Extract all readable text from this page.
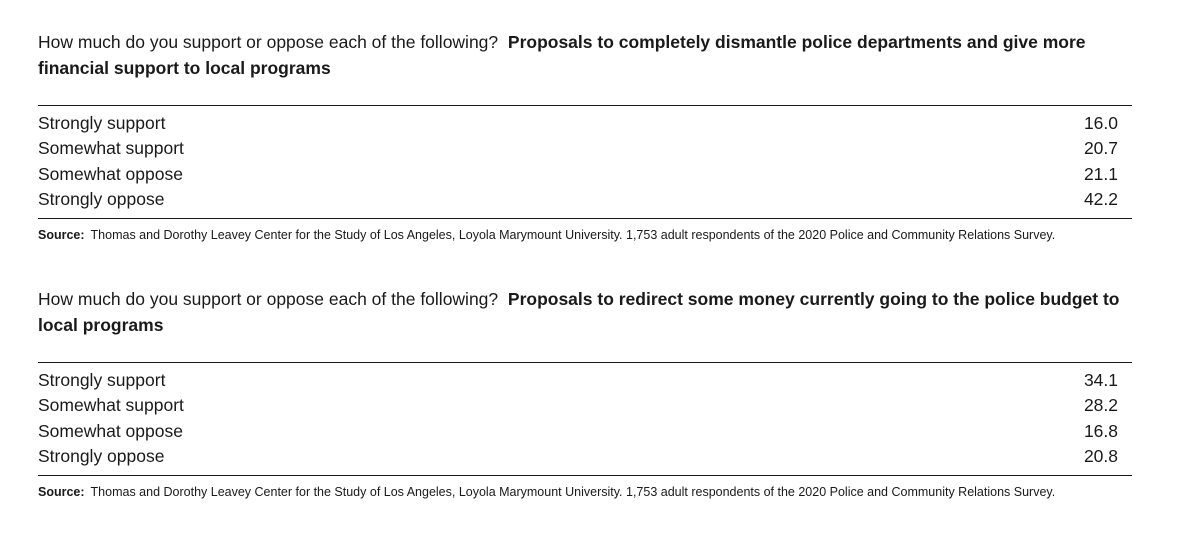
How much do you support or oppose each of the following? Proposals to completely dismantle police departments and give more financial support to local programs

Strongly support	16.0
Somewhat support	20.7
Somewhat oppose	21.1
Strongly oppose	42.2
Source: Thomas and Dorothy Leavey Center for the Study of Los Angeles, Loyola Marymount University. 1,753 adult respondents of the 2020 Police and Community Relations Survey.

How much do you support or oppose each of the following? Proposals to redirect some money currently going to the police budget to local programs

Strongly support	34.1
Somewhat support	28.2
Somewhat oppose	16.8
Strongly oppose	20.8
Source: Thomas and Dorothy Leavey Center for the Study of Los Angeles, Loyola Marymount University. 1,753 adult respondents of the 2020 Police and Community Relations Survey.
